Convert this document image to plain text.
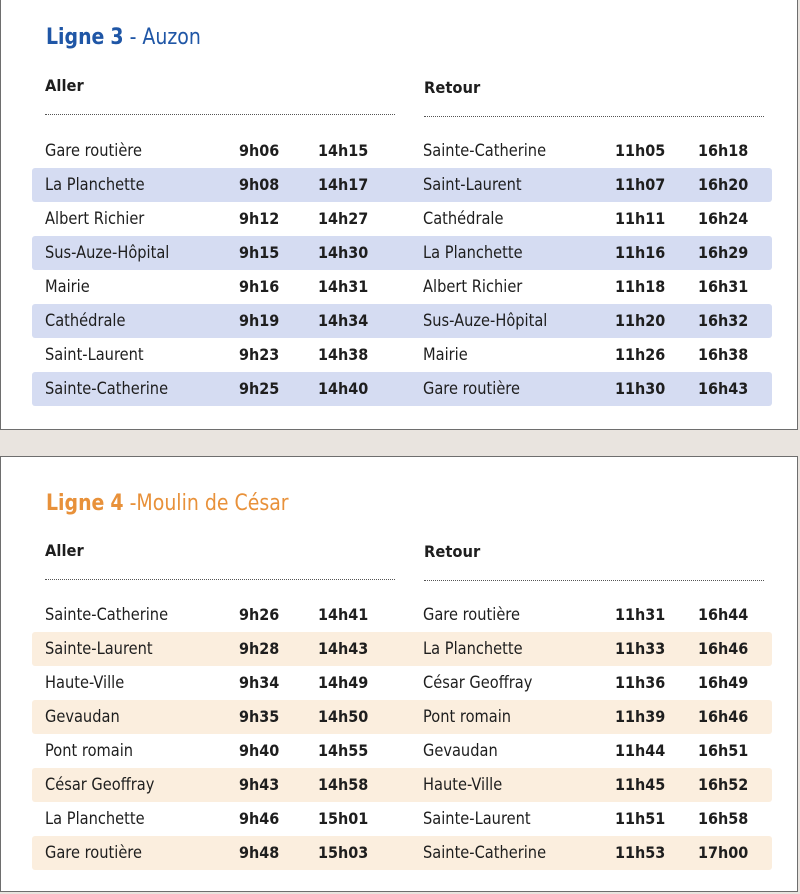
Ligne 3 - Auzon
Aller	Retour
Gare routière	9h06 14h15	Sainte-Catherine	11h05 16h18
La Planchette	9h08 14h17	Saint-Laurent	11h07 16h20
Albert Richier	9h12 14h27	Cathédrale	11h11 16h24
Sus-Auze-Hôpital	9h15 14h30	La Planchette	11h16 16h29
Mairie	9h16 14h31	Albert Richier	11h18 16h31
Cathédrale	9h19 14h34	Sus-Auze-Hôpital	11h20 16h32
Saint-Laurent	9h23 14h38	Mairie	11h26 16h38
Sainte-Catherine	9h25 14h40	Gare routière	11h30 16h43
Ligne 4 -Moulin de César
Aller	Retour
Sainte-Catherine	9h26 14h41	Gare routière	11h31 16h44
Sainte-Laurent	9h28 14h43	La Planchette	11h33 16h46
Haute-Ville	9h34 14h49	César Geoffray	11h36 16h49
Gevaudan	9h35 14h50	Pont romain	11h39 16h46
Pont romain	9h40 14h55	Gevaudan	11h44 16h51
César Geoffray	9h43 14h58	Haute-Ville	11h45 16h52
La Planchette	9h46 15h01	Sainte-Laurent	11h51 16h58
Gare routière	9h48 15h03	Sainte-Catherine	11h53 17h00
